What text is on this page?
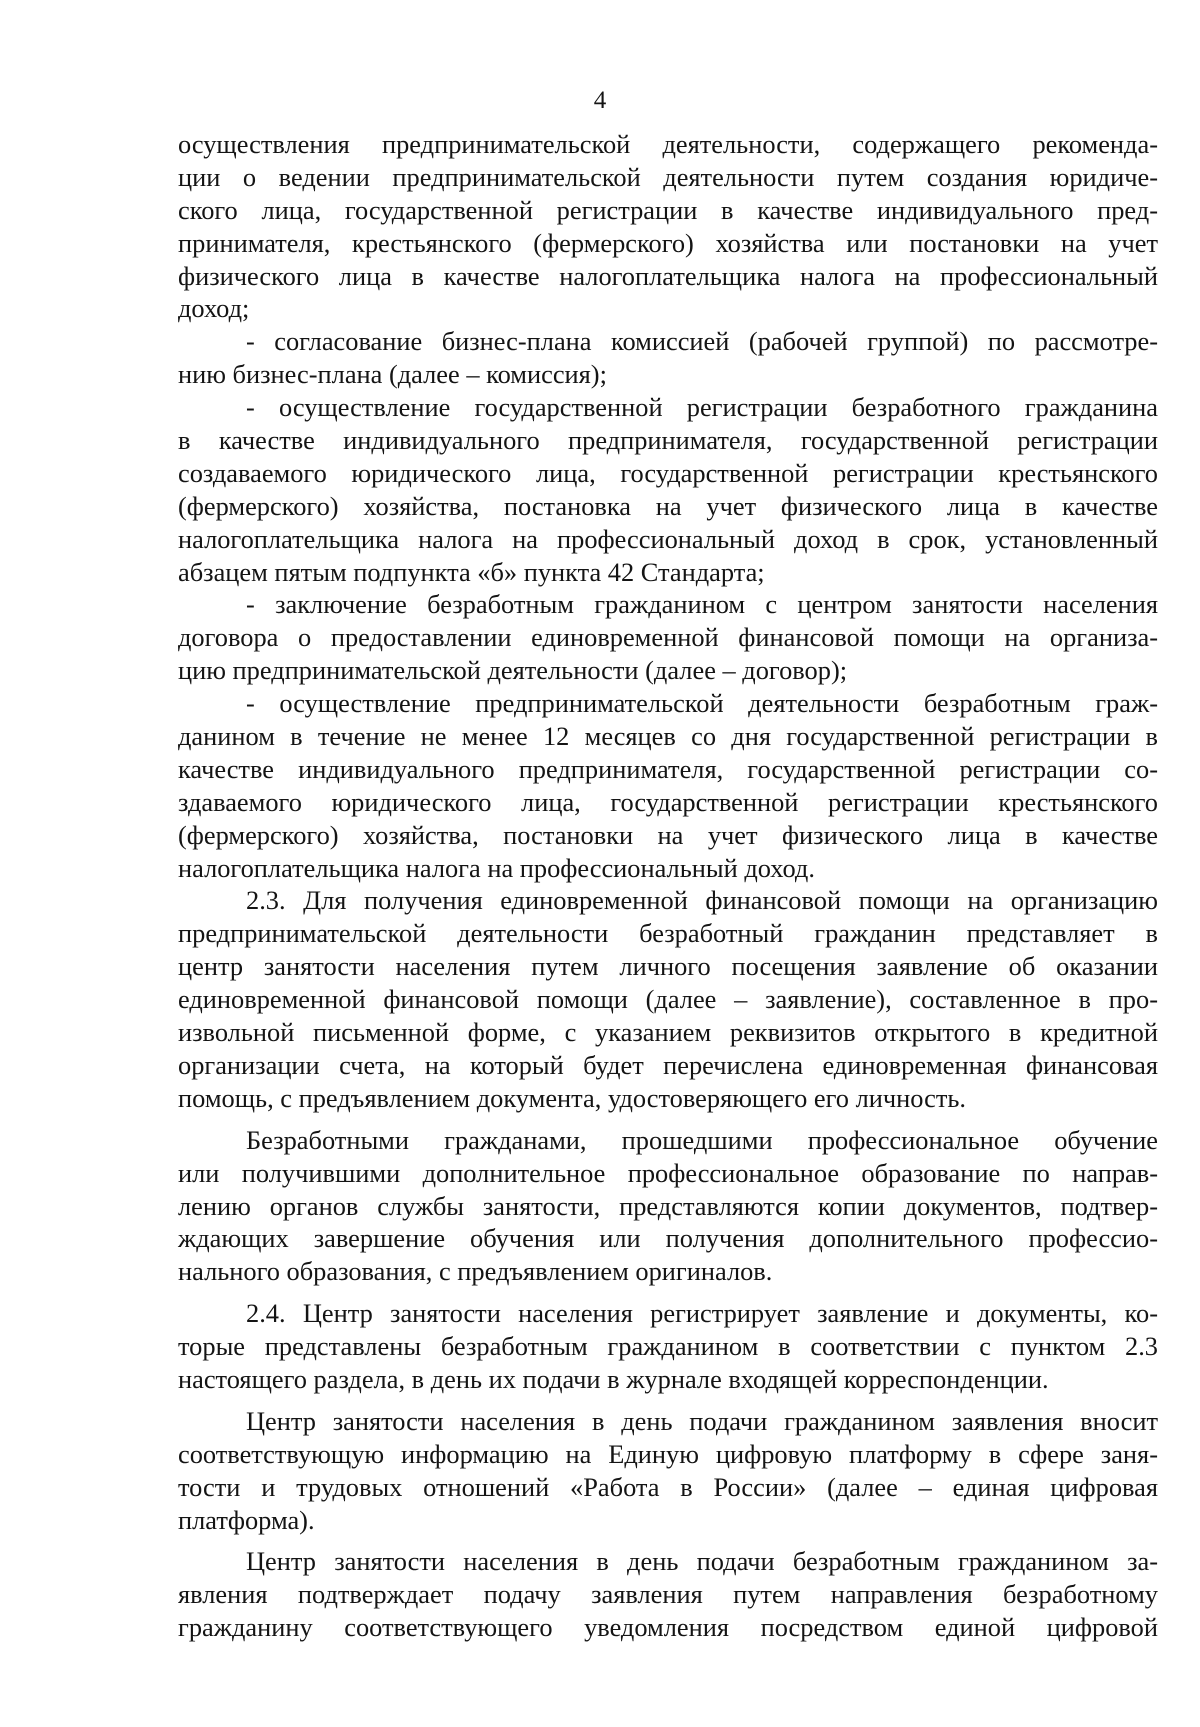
4
осуществления предпринимательской деятельности, содержащего рекоменда-
ции о ведении предпринимательской деятельности путем создания юридиче-
ского лица, государственной регистрации в качестве индивидуального пред-
принимателя, крестьянского (фермерского) хозяйства или постановки на учет
физического лица в качестве налогоплательщика налога на профессиональный
доход;
- согласование бизнес-плана комиссией (рабочей группой) по рассмотре-
нию бизнес-плана (далее – комиссия);
- осуществление государственной регистрации безработного гражданина
в качестве индивидуального предпринимателя, государственной регистрации
создаваемого юридического лица, государственной регистрации крестьянского
(фермерского) хозяйства, постановка на учет физического лица в качестве
налогоплательщика налога на профессиональный доход в срок, установленный
абзацем пятым подпункта «б» пункта 42 Стандарта;
- заключение безработным гражданином с центром занятости населения
договора о предоставлении единовременной финансовой помощи на организа-
цию предпринимательской деятельности (далее – договор);
- осуществление предпринимательской деятельности безработным граж-
данином в течение не менее 12 месяцев со дня государственной регистрации в
качестве индивидуального предпринимателя, государственной регистрации со-
здаваемого юридического лица, государственной регистрации крестьянского
(фермерского) хозяйства, постановки на учет физического лица в качестве
налогоплательщика налога на профессиональный доход.
2.3. Для получения единовременной финансовой помощи на организацию
предпринимательской деятельности безработный гражданин представляет в
центр занятости населения путем личного посещения заявление об оказании
единовременной финансовой помощи (далее – заявление), составленное в про-
извольной письменной форме, с указанием реквизитов открытого в кредитной
организации счета, на который будет перечислена единовременная финансовая
помощь, с предъявлением документа, удостоверяющего его личность.
Безработными гражданами, прошедшими профессиональное обучение
или получившими дополнительное профессиональное образование по направ-
лению органов службы занятости, представляются копии документов, подтвер-
ждающих завершение обучения или получения дополнительного профессио-
нального образования, с предъявлением оригиналов.
2.4. Центр занятости населения регистрирует заявление и документы, ко-
торые представлены безработным гражданином в соответствии с пунктом 2.3
настоящего раздела, в день их подачи в журнале входящей корреспонденции.
Центр занятости населения в день подачи гражданином заявления вносит
соответствующую информацию на Единую цифровую платформу в сфере заня-
тости и трудовых отношений «Работа в России» (далее – единая цифровая
платформа).
Центр занятости населения в день подачи безработным гражданином за-
явления подтверждает подачу заявления путем направления безработному
гражданину соответствующего уведомления посредством единой цифровой
